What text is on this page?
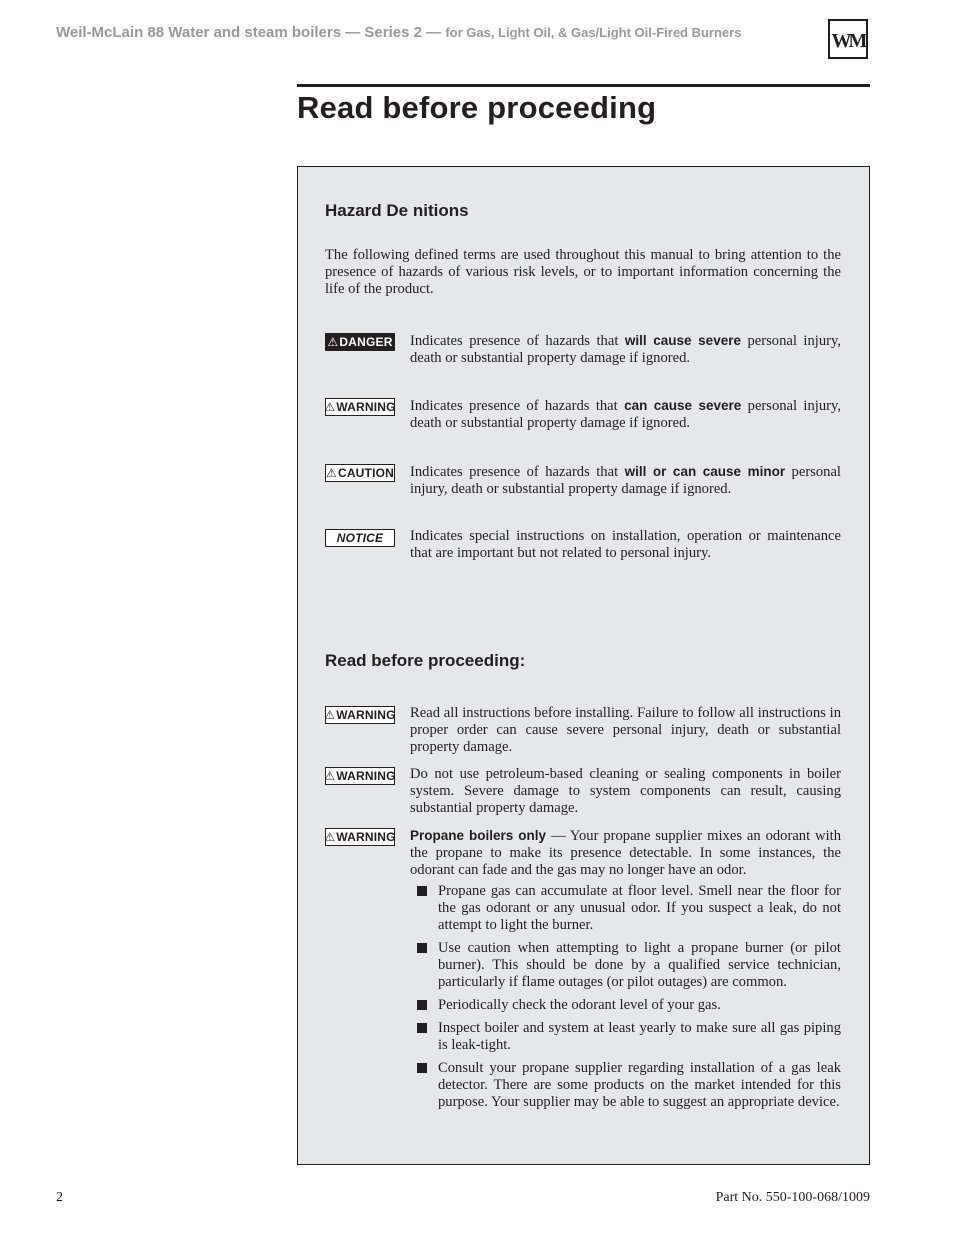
Weil-McLain 88 Water and steam boilers — Series 2 — for Gas, Light Oil, & Gas/Light Oil-Fired Burners	WM
Read before proceeding
Hazard De nitions

The following defined terms are used throughout this manual to bring attention to the presence of hazards of various risk levels, or to important information concerning the life of the product.

⚠ DANGER Indicates presence of hazards that will cause severe personal injury, death or substantial property damage if ignored.

⚠ WARNING Indicates presence of hazards that can cause severe personal injury, death or substantial property damage if ignored.

⚠ CAUTION Indicates presence of hazards that will or can cause minor personal injury, death or substantial property damage if ignored.

NOTICE Indicates special instructions on installation, operation or maintenance that are important but not related to personal injury.

Read before proceeding:
⚠ WARNING Read all instructions before installing. Failure to follow all instructions in proper order can cause severe personal injury, death or substantial property damage.

⚠ WARNING Do not use petroleum-based cleaning or sealing components in boiler system. Severe damage to system components can result, causing substantial property damage.

⚠ WARNING Propane boilers only — Your propane supplier mixes an odorant with the propane to make its presence detectable. In some instances, the odorant can fade and the gas may no longer have an odor.

Propane gas can accumulate at floor level. Smell near the floor for the gas odorant or any unusual odor. If you suspect a leak, do not attempt to light the burner.
Use caution when attempting to light a propane burner (or pilot burner). This should be done by a qualified service technician, particularly if flame outages (or pilot outages) are common.
Periodically check the odorant level of your gas.
Inspect boiler and system at least yearly to make sure all gas piping is leak-tight.
Consult your propane supplier regarding installation of a gas leak detector. There are some products on the market intended for this purpose. Your supplier may be able to suggest an appropriate device.
2	Part No. 550-100-068/1009
